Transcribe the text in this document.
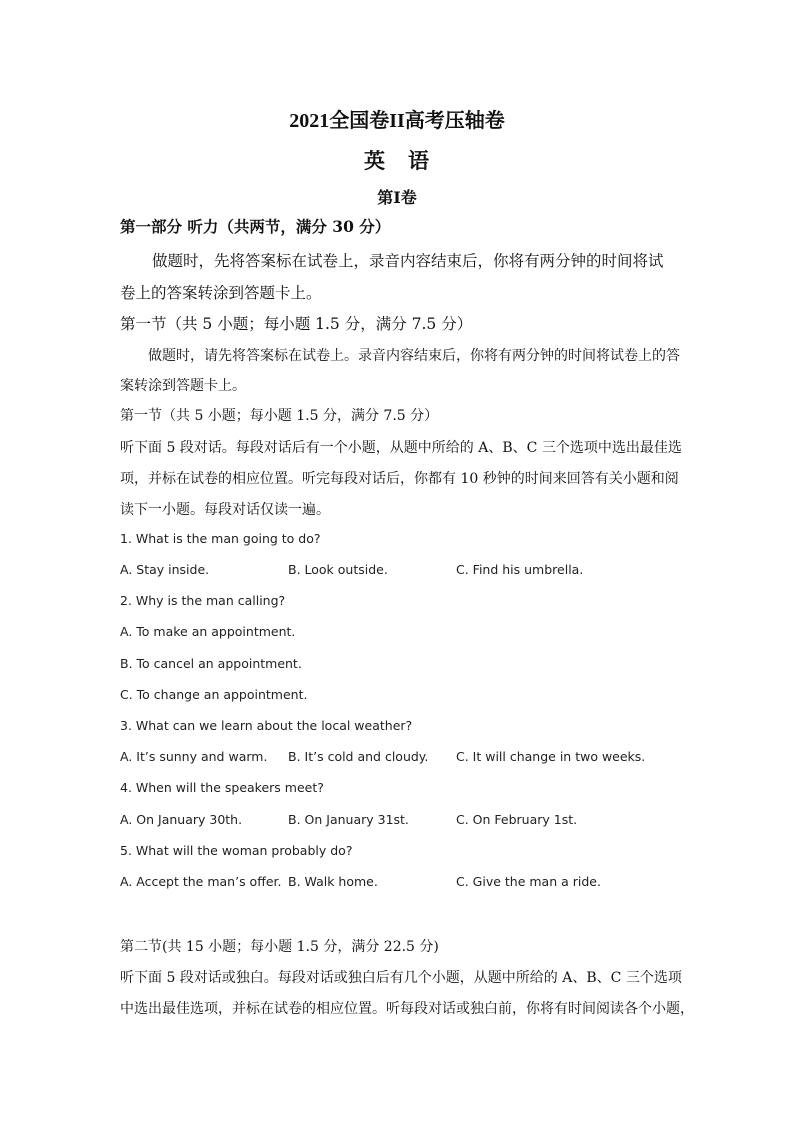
2021全国卷II高考压轴卷
英　语
第I卷
第一部分 听力（共两节，满分 30 分）
做题时，先将答案标在试卷上，录音内容结束后，你将有两分钟的时间将试
卷上的答案转涂到答题卡上。
第一节（共 5 小题；每小题 1.5 分，满分 7.5 分）
做题时，请先将答案标在试卷上。录音内容结束后，你将有两分钟的时间将试卷上的答
案转涂到答题卡上。
第一节（共 5 小题；每小题 1.5 分，满分 7.5 分）
听下面 5 段对话。每段对话后有一个小题，从题中所给的 A、B、C 三个选项中选出最佳选
项，并标在试卷的相应位置。听完每段对话后，你都有 10 秒钟的时间来回答有关小题和阅
读下一小题。每段对话仅读一遍。
1. What is the man going to do?
A. Stay inside.	B. Look outside.	C. Find his umbrella.
2. Why is the man calling?
A. To make an appointment.
B. To cancel an appointment.
C. To change an appointment.
3. What can we learn about the local weather?
A. It’s sunny and warm. B. It’s cold and cloudy. C. It will change in two weeks.
4. When will the speakers meet?
A. On January 30th.	B. On January 31st.	C. On February 1st.
5. What will the woman probably do?
A. Accept the man’s offer. B. Walk home.	C. Give the man a ride.
第二节(共 15 小题；每小题 1.5 分，满分 22.5 分)
听下面 5 段对话或独白。每段对话或独白后有几个小题，从题中所给的 A、B、C 三个选项
中选出最佳选项，并标在试卷的相应位置。听每段对话或独白前，你将有时间阅读各个小题，
